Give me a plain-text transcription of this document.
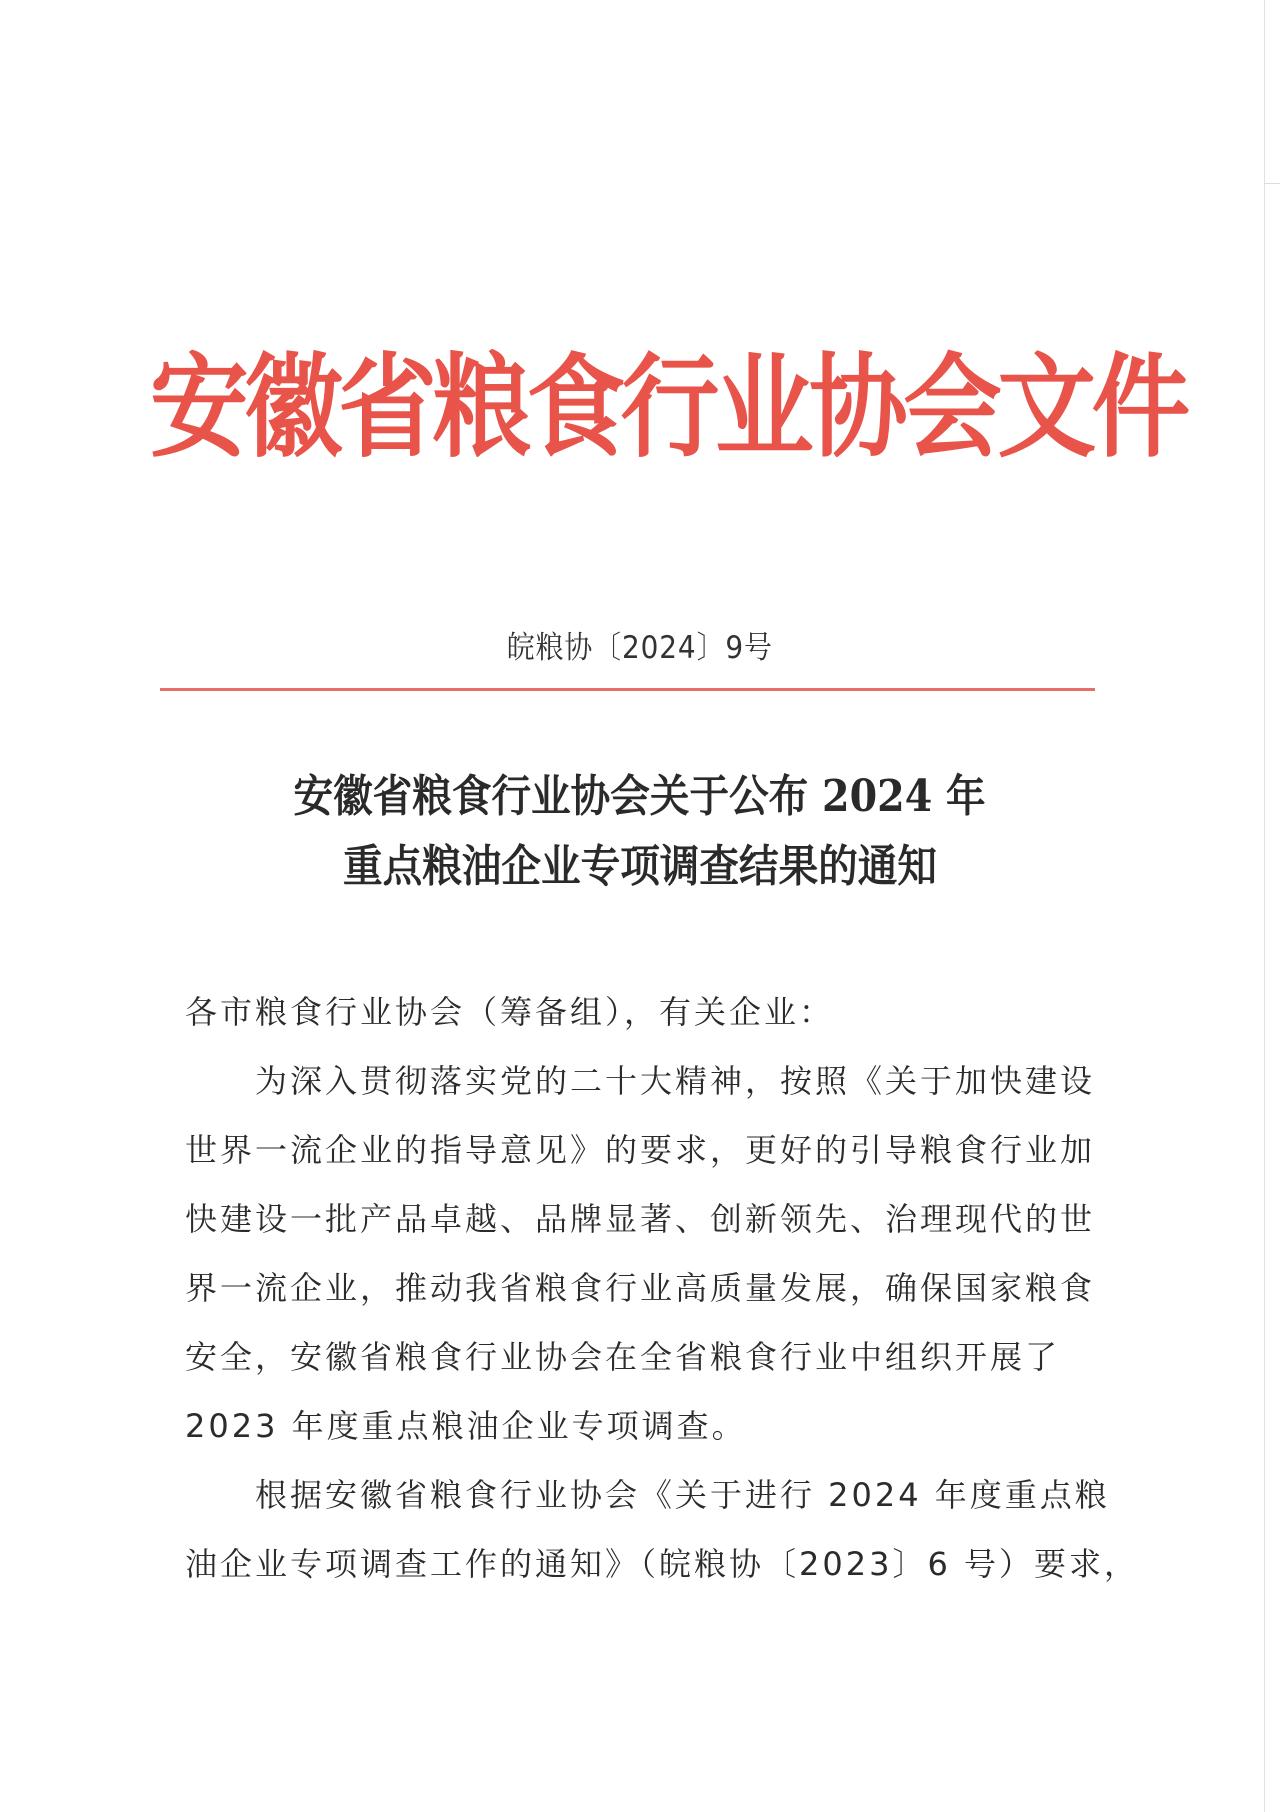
安徽省粮食行业协会文件
皖粮协〔2024〕9号
安徽省粮食行业协会关于公布 2024 年
重点粮油企业专项调查结果的通知
各市粮食行业协会（筹备组），有关企业：
为深入贯彻落实党的二十大精神，按照《关于加快建设
世界一流企业的指导意见》的要求，更好的引导粮食行业加
快建设一批产品卓越、品牌显著、创新领先、治理现代的世
界一流企业，推动我省粮食行业高质量发展，确保国家粮食
安全，安徽省粮食行业协会在全省粮食行业中组织开展了
2023 年度重点粮油企业专项调查。
根据安徽省粮食行业协会《关于进行 2024 年度重点粮
油企业专项调查工作的通知》（皖粮协〔2023〕6 号）要求，
